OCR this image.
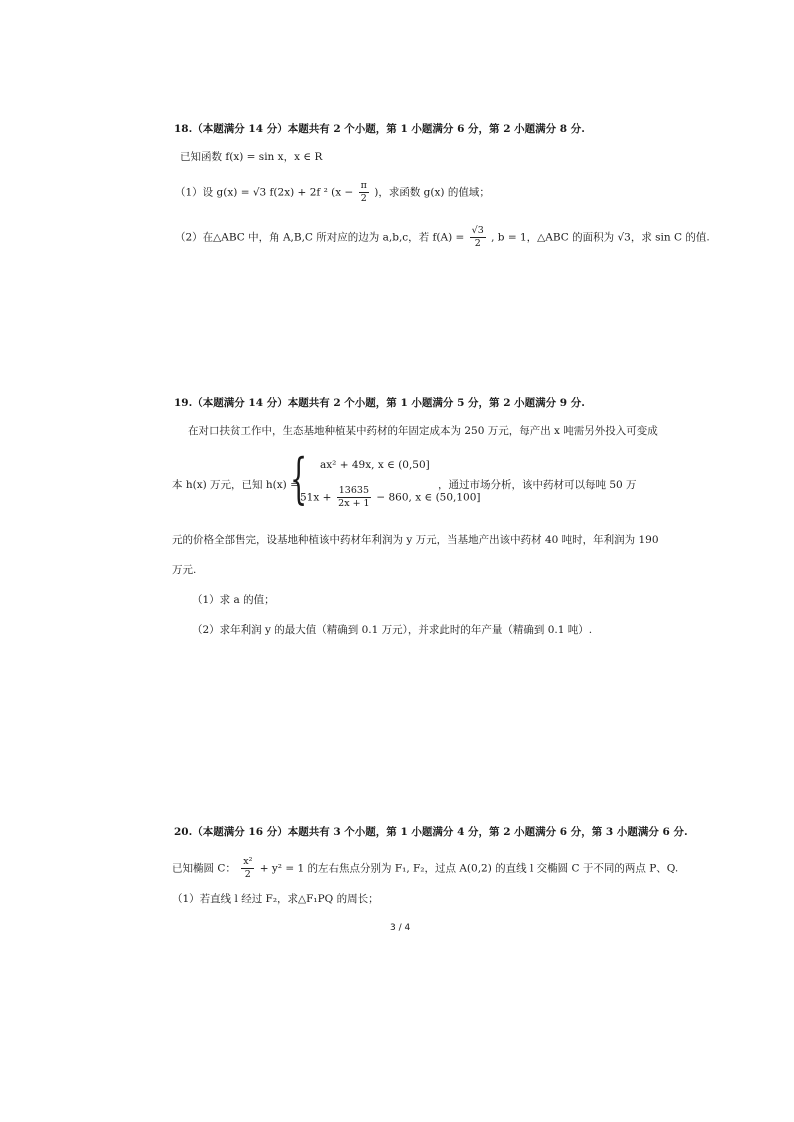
18.（本题满分 14 分）本题共有 2 个小题，第 1 小题满分 6 分，第 2 小题满分 8 分.
已知函数 f(x) = sin x，x ∈ R
（1）设 g(x) = √3 f(2x) + 2f ² ($x - \frac{\pi}{2}$ )，求函数 g(x) 的值域；
（2）在△ABC 中，角 A,B,C 所对应的边为 a,b,c，若 $f(A) = \frac{√3}{2}$ , b = 1，△ABC 的面积为 √3，求 sin C 的值.
19.（本题满分 14 分）本题共有 2 个小题，第 1 小题满分 5 分，第 2 小题满分 9 分.
在对口扶贫工作中，生态基地种植某中药材的年固定成本为 250 万元，每产出 x 吨需另外投入可变成
本 h(x) 万元，已知 h(x) =
{ ax² + 49x, x ∈ (0,50]
$51x + \frac{13635}{2x + 1} - 860$, x ∈ (50,100]
，通过市场分析，该中药材可以每吨 50 万
元的价格全部售完，设基地种植该中药材年利润为 y 万元，当基地产出该中药材 40 吨时，年利润为 190
万元.
（1）求 a 的值；
（2）求年利润 y 的最大值（精确到 0.1 万元），并求此时的年产量（精确到 0.1 吨）.
20.（本题满分 16 分）本题共有 3 个小题，第 1 小题满分 4 分，第 2 小题满分 6 分，第 3 小题满分 6 分.
已知椭圆 C： $\frac{\text{x²}}{2} + y^2 = 1$ 的左右焦点分别为 F₁, F₂，过点 A(0,2) 的直线 l 交椭圆 C 于不同的两点 P、Q.
（1）若直线 l 经过 F₂，求△F₁PQ 的周长；
3 / 4
